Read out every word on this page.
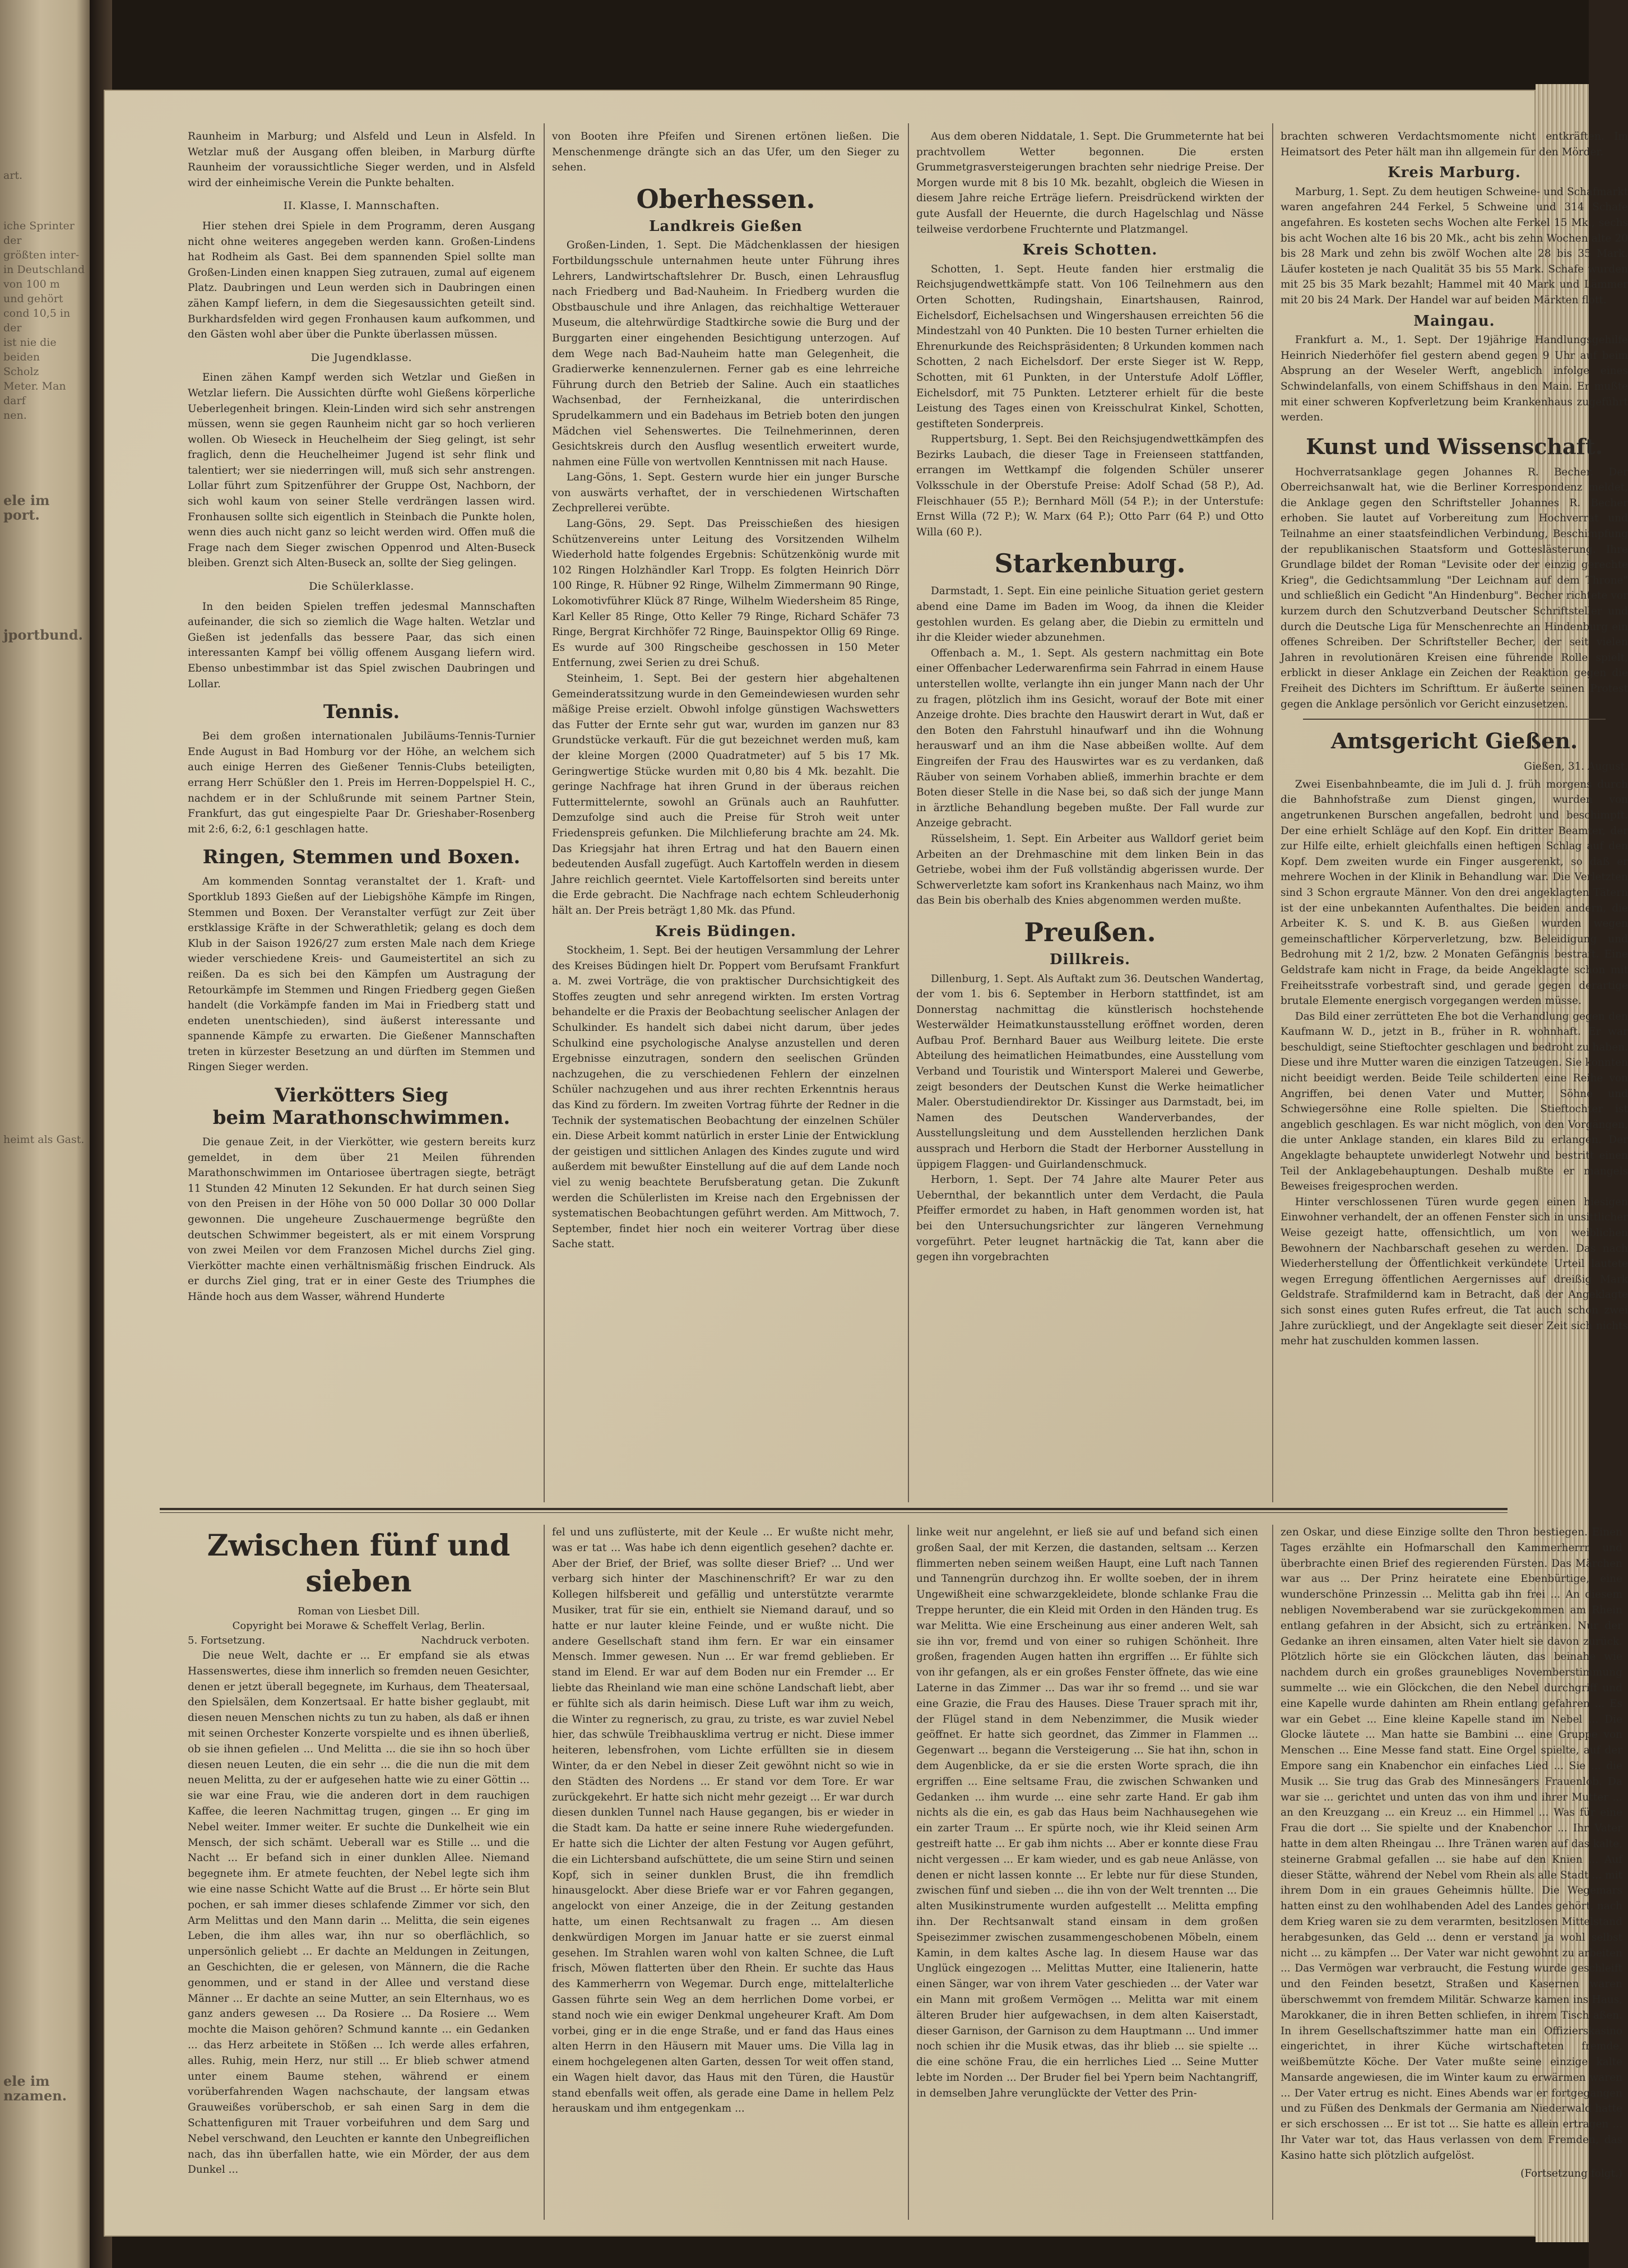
art.
iche Sprinter der
größten inter-
in Deutschland
von 100 m
und gehört
cond 10,5 in der
ist nie die beiden
Scholz
Meter. Man darf
nen.
ele im
port.
jportbund.
heimt als Gast.
ele im
nzamen.

Raunheim in Marburg; und Alsfeld und Leun in Alsfeld. In Wetzlar muß der Ausgang offen bleiben, in Marburg dürfte Raunheim der voraussichtliche Sieger werden, und in Alsfeld wird der einheimische Verein die Punkte behalten.

II. Klasse, I. Mannschaften.

Hier stehen drei Spiele in dem Programm, deren Ausgang nicht ohne weiteres angegeben werden kann. Großen-Lindens hat Rodheim als Gast. Bei dem spannenden Spiel sollte man Großen-Linden einen knappen Sieg zutrauen, zumal auf eigenem Platz. Daubringen und Leun werden sich in Daubringen einen zähen Kampf liefern, in dem die Siegesaussichten geteilt sind. Burkhardsfelden wird gegen Fronhausen kaum aufkommen, und den Gästen wohl aber über die Punkte überlassen müssen.

Die Jugendklasse.

Einen zähen Kampf werden sich Wetzlar und Gießen in Wetzlar liefern. Die Aussichten dürfte wohl Gießens körperliche Ueberlegenheit bringen. Klein-Linden wird sich sehr anstrengen müssen, wenn sie gegen Raunheim nicht gar so hoch verlieren wollen. Ob Wieseck in Heuchelheim der Sieg gelingt, ist sehr fraglich, denn die Heuchelheimer Jugend ist sehr flink und talentiert; wer sie niederringen will, muß sich sehr anstrengen. Lollar führt zum Spitzenführer der Gruppe Ost, Nachborn, der sich wohl kaum von seiner Stelle verdrängen lassen wird. Fronhausen sollte sich eigentlich in Steinbach die Punkte holen, wenn dies auch nicht ganz so leicht werden wird. Offen muß die Frage nach dem Sieger zwischen Oppenrod und Alten-Buseck bleiben. Grenzt sich Alten-Buseck an, sollte der Sieg gelingen.

Die Schülerklasse.

In den beiden Spielen treffen jedesmal Mannschaften aufeinander, die sich so ziemlich die Wage halten. Wetzlar und Gießen ist jedenfalls das bessere Paar, das sich einen interessanten Kampf bei völlig offenem Ausgang liefern wird. Ebenso unbestimmbar ist das Spiel zwischen Daubringen und Lollar.

Tennis.

Bei dem großen internationalen Jubiläums-Tennis-Turnier Ende August in Bad Homburg vor der Höhe, an welchem sich auch einige Herren des Gießener Tennis-Clubs beteiligten, errang Herr Schüßler den 1. Preis im Herren-Doppelspiel H. C., nachdem er in der Schlußrunde mit seinem Partner Stein, Frankfurt, das gut eingespielte Paar Dr. Grieshaber-Rosenberg mit 2:6, 6:2, 6:1 geschlagen hatte.

Ringen, Stemmen und Boxen.

Am kommenden Sonntag veranstaltet der 1. Kraft- und Sportklub 1893 Gießen auf der Liebigshöhe Kämpfe im Ringen, Stemmen und Boxen. Der Veranstalter verfügt zur Zeit über erstklassige Kräfte in der Schwerathletik; gelang es doch dem Klub in der Saison 1926/27 zum ersten Male nach dem Kriege wieder verschiedene Kreis- und Gaumeistertitel an sich zu reißen. Da es sich bei den Kämpfen um Austragung der Retourkämpfe im Stemmen und Ringen Friedberg gegen Gießen handelt (die Vorkämpfe fanden im Mai in Friedberg statt und endeten unentschieden), sind äußerst interessante und spannende Kämpfe zu erwarten. Die Gießener Mannschaften treten in kürzester Besetzung an und dürften im Stemmen und Ringen Sieger werden.

Vierkötters Sieg
beim Marathonschwimmen.

Die genaue Zeit, in der Vierkötter, wie gestern bereits kurz gemeldet, in dem über 21 Meilen führenden Marathonschwimmen im Ontariosee übertragen siegte, beträgt 11 Stunden 42 Minuten 12 Sekunden. Er hat durch seinen Sieg von den Preisen in der Höhe von 50 000 Dollar 30 000 Dollar gewonnen. Die ungeheure Zuschauermenge begrüßte den deutschen Schwimmer begeistert, als er mit einem Vorsprung von zwei Meilen vor dem Franzosen Michel durchs Ziel ging. Vierkötter machte einen verhältnismäßig frischen Eindruck. Als er durchs Ziel ging, trat er in einer Geste des Triumphes die Hände hoch aus dem Wasser, während Hunderte

von Booten ihre Pfeifen und Sirenen ertönen ließen. Die Menschenmenge drängte sich an das Ufer, um den Sieger zu sehen.

Oberhessen.
Landkreis Gießen

Großen-Linden, 1. Sept. Die Mädchenklassen der hiesigen Fortbildungsschule unternahmen heute unter Führung ihres Lehrers, Landwirtschaftslehrer Dr. Busch, einen Lehrausflug nach Friedberg und Bad-Nauheim. In Friedberg wurden die Obstbauschule und ihre Anlagen, das reichhaltige Wetterauer Museum, die altehrwürdige Stadtkirche sowie die Burg und der Burggarten einer eingehenden Besichtigung unterzogen. Auf dem Wege nach Bad-Nauheim hatte man Gelegenheit, die Gradierwerke kennenzulernen. Ferner gab es eine lehrreiche Führung durch den Betrieb der Saline. Auch ein staatliches Wachsenbad, der Fernheizkanal, die unterirdischen Sprudelkammern und ein Badehaus im Betrieb boten den jungen Mädchen viel Sehenswertes. Die Teilnehmerinnen, deren Gesichtskreis durch den Ausflug wesentlich erweitert wurde, nahmen eine Fülle von wertvollen Kenntnissen mit nach Hause.

Lang-Göns, 1. Sept. Gestern wurde hier ein junger Bursche von auswärts verhaftet, der in verschiedenen Wirtschaften Zechprellerei verübte.

Lang-Göns, 29. Sept. Das Preisschießen des hiesigen Schützenvereins unter Leitung des Vorsitzenden Wilhelm Wiederhold hatte folgendes Ergebnis: Schützenkönig wurde mit 102 Ringen Holzhändler Karl Tropp. Es folgten Heinrich Dörr 100 Ringe, R. Hübner 92 Ringe, Wilhelm Zimmermann 90 Ringe, Lokomotivführer Klück 87 Ringe, Wilhelm Wiedersheim 85 Ringe, Karl Keller 85 Ringe, Otto Keller 79 Ringe, Richard Schäfer 73 Ringe, Bergrat Kirchhöfer 72 Ringe, Bauinspektor Ollig 69 Ringe. Es wurde auf 300 Ringscheibe geschossen in 150 Meter Entfernung, zwei Serien zu drei Schuß.

Steinheim, 1. Sept. Bei der gestern hier abgehaltenen Gemeinderatssitzung wurde in den Gemeindewiesen wurden sehr mäßige Preise erzielt. Obwohl infolge günstigen Wachswetters das Futter der Ernte sehr gut war, wurden im ganzen nur 83 Grundstücke verkauft. Für die gut bezeichnet werden muß, kam der kleine Morgen (2000 Quadratmeter) auf 5 bis 17 Mk. Geringwertige Stücke wurden mit 0,80 bis 4 Mk. bezahlt. Die geringe Nachfrage hat ihren Grund in der überaus reichen Futtermittelernte, sowohl an Grünals auch an Rauhfutter. Demzufolge sind auch die Preise für Stroh weit unter Friedenspreis gefunken. Die Milchlieferung brachte am 24. Mk. Das Kriegsjahr hat ihren Ertrag und hat den Bauern einen bedeutenden Ausfall zugefügt. Auch Kartoffeln werden in diesem Jahre reichlich geerntet. Viele Kartoffelsorten sind bereits unter die Erde gebracht. Die Nachfrage nach echtem Schleuderhonig hält an. Der Preis beträgt 1,80 Mk. das Pfund.

Kreis Büdingen.

Stockheim, 1. Sept. Bei der heutigen Versammlung der Lehrer des Kreises Büdingen hielt Dr. Poppert vom Berufsamt Frankfurt a. M. zwei Vorträge, die von praktischer Durchsichtigkeit des Stoffes zeugten und sehr anregend wirkten. Im ersten Vortrag behandelte er die Praxis der Beobachtung seelischer Anlagen der Schulkinder. Es handelt sich dabei nicht darum, über jedes Schulkind eine psychologische Analyse anzustellen und deren Ergebnisse einzutragen, sondern den seelischen Gründen nachzugehen, die zu verschiedenen Fehlern der einzelnen Schüler nachzugehen und aus ihrer rechten Erkenntnis heraus das Kind zu fördern. Im zweiten Vortrag führte der Redner in die Technik der systematischen Beobachtung der einzelnen Schüler ein. Diese Arbeit kommt natürlich in erster Linie der Entwicklung der geistigen und sittlichen Anlagen des Kindes zugute und wird außerdem mit bewußter Einstellung auf die auf dem Lande noch viel zu wenig beachtete Berufsberatung getan. Die Zukunft werden die Schülerlisten im Kreise nach den Ergebnissen der systematischen Beobachtungen geführt werden. Am Mittwoch, 7. September, findet hier noch ein weiterer Vortrag über diese Sache statt.

Aus dem oberen Niddatale, 1. Sept. Die Grummeternte hat bei prachtvollem Wetter begonnen. Die ersten Grummetgrasversteigerungen brachten sehr niedrige Preise. Der Morgen wurde mit 8 bis 10 Mk. bezahlt, obgleich die Wiesen in diesem Jahre reiche Erträge liefern. Preisdrückend wirkten der gute Ausfall der Heuernte, die durch Hagelschlag und Nässe teilweise verdorbene Fruchternte und Platzmangel.

Kreis Schotten.

Schotten, 1. Sept. Heute fanden hier erstmalig die Reichsjugendwettkämpfe statt. Von 106 Teilnehmern aus den Orten Schotten, Rudingshain, Einartshausen, Rainrod, Eichelsdorf, Eichelsachsen und Wingershausen erreichten 56 die Mindestzahl von 40 Punkten. Die 10 besten Turner erhielten die Ehrenurkunde des Reichspräsidenten; 8 Urkunden kommen nach Schotten, 2 nach Eichelsdorf. Der erste Sieger ist W. Repp, Schotten, mit 61 Punkten, in der Unterstufe Adolf Löffler, Eichelsdorf, mit 75 Punkten. Letzterer erhielt für die beste Leistung des Tages einen von Kreisschulrat Kinkel, Schotten, gestifteten Sonderpreis.

Ruppertsburg, 1. Sept. Bei den Reichsjugendwettkämpfen des Bezirks Laubach, die dieser Tage in Freienseen stattfanden, errangen im Wettkampf die folgenden Schüler unserer Volksschule in der Oberstufe Preise: Adolf Schad (58 P.), Ad. Fleischhauer (55 P.); Bernhard Möll (54 P.); in der Unterstufe: Ernst Willa (72 P.); W. Marx (64 P.); Otto Parr (64 P.) und Otto Willa (60 P.).

Starkenburg.

Darmstadt, 1. Sept. Ein eine peinliche Situation geriet gestern abend eine Dame im Baden im Woog, da ihnen die Kleider gestohlen wurden. Es gelang aber, die Diebin zu ermitteln und ihr die Kleider wieder abzunehmen.

Offenbach a. M., 1. Sept. Als gestern nachmittag ein Bote einer Offenbacher Lederwarenfirma sein Fahrrad in einem Hause unterstellen wollte, verlangte ihn ein junger Mann nach der Uhr zu fragen, plötzlich ihm ins Gesicht, worauf der Bote mit einer Anzeige drohte. Dies brachte den Hauswirt derart in Wut, daß er den Boten den Fahrstuhl hinaufwarf und ihn die Wohnung herauswarf und an ihm die Nase abbeißen wollte. Auf dem Eingreifen der Frau des Hauswirtes war es zu verdanken, daß Räuber von seinem Vorhaben abließ, immerhin brachte er dem Boten dieser Stelle in die Nase bei, so daß sich der junge Mann in ärztliche Behandlung begeben mußte. Der Fall wurde zur Anzeige gebracht.

Rüsselsheim, 1. Sept. Ein Arbeiter aus Walldorf geriet beim Arbeiten an der Drehmaschine mit dem linken Bein in das Getriebe, wobei ihm der Fuß vollständig abgerissen wurde. Der Schwerverletzte kam sofort ins Krankenhaus nach Mainz, wo ihm das Bein bis oberhalb des Knies abgenommen werden mußte.

Preußen.
Dillkreis.

Dillenburg, 1. Sept. Als Auftakt zum 36. Deutschen Wandertag, der vom 1. bis 6. September in Herborn stattfindet, ist am Donnerstag nachmittag die künstlerisch hochstehende Westerwälder Heimatkunstausstellung eröffnet worden, deren Aufbau Prof. Bernhard Bauer aus Weilburg leitete. Die erste Abteilung des heimatlichen Heimatbundes, eine Ausstellung vom Verband und Touristik und Wintersport Malerei und Gewerbe, zeigt besonders der Deutschen Kunst die Werke heimatlicher Maler. Oberstudiendirektor Dr. Kissinger aus Darmstadt, bei, im Namen des Deutschen Wanderverbandes, der Ausstellungsleitung und dem Ausstellenden herzlichen Dank aussprach und Herborn die Stadt der Herborner Ausstellung in üppigem Flaggen- und Guirlandenschmuck.

Herborn, 1. Sept. Der 74 Jahre alte Maurer Peter aus Uebernthal, der bekanntlich unter dem Verdacht, die Paula Pfeiffer ermordet zu haben, in Haft genommen worden ist, hat bei den Untersuchungsrichter zur längeren Vernehmung vorgeführt. Peter leugnet hartnäckig die Tat, kann aber die gegen ihn vorgebrachten

brachten schweren Verdachtsmomente nicht entkräften. Im Heimatsort des Peter hält man ihn allgemein für den Mörder.

Kreis Marburg.

Marburg, 1. Sept. Zu dem heutigen Schweine- und Schafmarkt waren angefahren 244 Ferkel, 5 Schweine und 314 Schafe angefahren. Es kosteten sechs Wochen alte Ferkel 15 Mk., sechs bis acht Wochen alte 16 bis 20 Mk., acht bis zehn Wochen alte 20 bis 28 Mark und zehn bis zwölf Wochen alte 28 bis 35 Mark. Läufer kosteten je nach Qualität 35 bis 55 Mark. Schafe wurden mit 25 bis 35 Mark bezahlt; Hammel mit 40 Mark und Lämmer mit 20 bis 24 Mark. Der Handel war auf beiden Märkten flott.

Maingau.

Frankfurt a. M., 1. Sept. Der 19jährige Handlungsgehilfe Heinrich Niederhöfer fiel gestern abend gegen 9 Uhr auf beim Absprung an der Weseler Werft, angeblich infolge eines Schwindelanfalls, von einem Schiffshaus in den Main. Er mußte mit einer schweren Kopfverletzung beim Krankenhaus zugeführt werden.

Kunst und Wissenschaft.

Hochverratsanklage gegen Johannes R. Becher. Der Oberreichsanwalt hat, wie die Berliner Korrespondenz meldet, die Anklage gegen den Schriftsteller Johannes R. Becher erhoben. Sie lautet auf Vorbereitung zum Hochverrat und Teilnahme an einer staatsfeindlichen Verbindung, Beschimpfung der republikanischen Staatsform und Gotteslästerung. Ihre Grundlage bildet der Roman "Levisite oder der einzig gerechte Krieg", die Gedichtsammlung "Der Leichnam auf dem Throne" und schließlich ein Gedicht "An Hindenburg". Becher richtete vor kurzem durch den Schutzverband Deutscher Schriftsteller und durch die Deutsche Liga für Menschenrechte an Hindenburg ein offenes Schreiben. Der Schriftsteller Becher, der seit vielen Jahren in revolutionären Kreisen eine führende Rolle spielt, erblickt in dieser Anklage ein Zeichen der Reaktion gegen die Freiheit des Dichters im Schrifttum. Er äußerte seinen Protest gegen die Anklage persönlich vor Gericht einzusetzen.

Amtsgericht Gießen.
Gießen, 31. August.

Zwei Eisenbahnbeamte, die im Juli d. J. früh morgens durch die Bahnhofstraße zum Dienst gingen, wurden von angetrunkenen Burschen angefallen, bedroht und beschimpft. Der eine erhielt Schläge auf den Kopf. Ein dritter Beamter, der zur Hilfe eilte, erhielt gleichfalls einen heftigen Schlag auf den Kopf. Dem zweiten wurde ein Finger ausgerenkt, so daß er mehrere Wochen in der Klinik in Behandlung war. Die Verletzten sind 3 Schon ergraute Männer. Von den drei angeklagten Tätern ist der eine unbekannten Aufenthaltes. Die beiden andern, die Arbeiter K. S. und K. B. aus Gießen wurden wegen gemeinschaftlicher Körperverletzung, bzw. Beleidigung und Bedrohung mit 2 1/2, bzw. 2 Monaten Gefängnis bestraft. Eine Geldstrafe kam nicht in Frage, da beide Angeklagte schon mit Freiheitsstrafe vorbestraft sind, und gerade gegen derartige brutale Elemente energisch vorgegangen werden müsse.

Das Bild einer zerrütteten Ehe bot die Verhandlung gegen den Kaufmann W. D., jetzt in B., früher in R. wohnhaft. Er war beschuldigt, seine Stieftochter geschlagen und bedroht zu haben. Diese und ihre Mutter waren die einzigen Tatzeugen. Sie konnten nicht beeidigt werden. Beide Teile schilderten eine Reihe von Angriffen, bei denen Vater und Mutter, Söhne und Schwiegersöhne eine Rolle spielten. Die Stieftochter ist angeblich geschlagen. Es war nicht möglich, von den Vorgängen, die unter Anklage standen, ein klares Bild zu erlangen. Der Angeklagte behauptete unwiderlegt Notwehr und bestritt einen Teil der Anklagebehauptungen. Deshalb mußte er mangels Beweises freigesprochen werden.

Hinter verschlossenen Türen wurde gegen einen hiesigen Einwohner verhandelt, der an offenen Fenster sich in unsittlicher Weise gezeigt hatte, offensichtlich, um von weiblichen Bewohnern der Nachbarschaft gesehen zu werden. Das nach Wiederherstellung der Öffentlichkeit verkündete Urteil lautete wegen Erregung öffentlichen Aergernisses auf dreißig Mark Geldstrafe. Strafmildernd kam in Betracht, daß der Angeklagte sich sonst eines guten Rufes erfreut, die Tat auch schon zwei Jahre zurückliegt, und der Angeklagte seit dieser Zeit sich nichts mehr hat zuschulden kommen lassen.

Zwischen fünf und sieben
Roman von Liesbet Dill.
Copyright bei Morawe & Scheffelt Verlag, Berlin.
5. Fortsetzung.	Nachdruck verboten.

Die neue Welt, dachte er ... Er empfand sie als etwas Hassenswertes, diese ihm innerlich so fremden neuen Gesichter, denen er jetzt überall begegnete, im Kurhaus, dem Theatersaal, den Spielsälen, dem Konzertsaal. Er hatte bisher geglaubt, mit diesen neuen Menschen nichts zu tun zu haben, als daß er ihnen mit seinen Orchester Konzerte vorspielte und es ihnen überließ, ob sie ihnen gefielen ... Und Melitta ... die sie ihn so hoch über diesen neuen Leuten, die ein sehr ... die die nun die mit dem neuen Melitta, zu der er aufgesehen hatte wie zu einer Göttin ... sie war eine Frau, wie die anderen dort in dem rauchigen Kaffee, die leeren Nachmittag trugen, gingen ... Er ging im Nebel weiter. Immer weiter. Er suchte die Dunkelheit wie ein Mensch, der sich schämt. Ueberall war es Stille ... und die Nacht ... Er befand sich in einer dunklen Allee. Niemand begegnete ihm. Er atmete feuchten, der Nebel legte sich ihm wie eine nasse Schicht Watte auf die Brust ... Er hörte sein Blut pochen, er sah immer dieses schlafende Zimmer vor sich, den Arm Melittas und den Mann darin ... Melitta, die sein eigenes Leben, die ihm alles war, ihn nur so oberflächlich, so unpersönlich geliebt ... Er dachte an Meldungen in Zeitungen, an Geschichten, die er gelesen, von Männern, die die Rache genommen, und er stand in der Allee und verstand diese Männer ... Er dachte an seine Mutter, an sein Elternhaus, wo es ganz anders gewesen ... Da Rosiere ... Da Rosiere ... Wem mochte die Maison gehören? Schmund kannte ... ein Gedanken ... das Herz arbeitete in Stößen ... Ich werde alles erfahren, alles. Ruhig, mein Herz, nur still ... Er blieb schwer atmend unter einem Baume stehen, während er einem vorüberfahrenden Wagen nachschaute, der langsam etwas Grauweißes vorüberschob, er sah einen Sarg in dem die Schattenfiguren mit Trauer vorbeifuhren und dem Sarg und Nebel verschwand, den Leuchten er kannte den Unbegreiflichen nach, das ihn überfallen hatte, wie ein Mörder, der aus dem Dunkel ...

fel und uns zuflüsterte, mit der Keule ... Er wußte nicht mehr, was er tat ... Was habe ich denn eigentlich gesehen? dachte er. Aber der Brief, der Brief, was sollte dieser Brief? ... Und wer verbarg sich hinter der Maschinenschrift? Er war zu den Kollegen hilfsbereit und gefällig und unterstützte verarmte Musiker, trat für sie ein, enthielt sie Niemand darauf, und so hatte er nur lauter kleine Feinde, und er wußte nicht. Die andere Gesellschaft stand ihm fern. Er war ein einsamer Mensch. Immer gewesen. Nun ... Er war fremd geblieben. Er stand im Elend. Er war auf dem Boden nur ein Fremder ... Er liebte das Rheinland wie man eine schöne Landschaft liebt, aber er fühlte sich als darin heimisch. Diese Luft war ihm zu weich, die Winter zu regnerisch, zu grau, zu triste, es war zuviel Nebel hier, das schwüle Treibhausklima vertrug er nicht. Diese immer heiteren, lebensfrohen, vom Lichte erfüllten sie in diesem Winter, da er den Nebel in dieser Zeit gewöhnt nicht so wie in den Städten des Nordens ... Er stand vor dem Tore. Er war zurückgekehrt. Er hatte sich nicht mehr gezeigt ... Er war durch diesen dunklen Tunnel nach Hause gegangen, bis er wieder in die Stadt kam. Da hatte er seine innere Ruhe wiedergefunden. Er hatte sich die Lichter der alten Festung vor Augen geführt, die ein Lichtersband aufschüttete, die um seine Stirn und seinen Kopf, sich in seiner dunklen Brust, die ihn fremdlich hinausgelockt. Aber diese Briefe war er vor Fahren gegangen, angelockt von einer Anzeige, die in der Zeitung gestanden hatte, um einen Rechtsanwalt zu fragen ... Am diesen denkwürdigen Morgen im Januar hatte er sie zuerst einmal gesehen. Im Strahlen waren wohl von kalten Schnee, die Luft frisch, Möwen flatterten über den Rhein. Er suchte das Haus des Kammerherrn von Wegemar. Durch enge, mittelalterliche Gassen führte sein Weg an dem herrlichen Dome vorbei, er stand noch wie ein ewiger Denkmal ungeheurer Kraft. Am Dom vorbei, ging er in die enge Straße, und er fand das Haus eines alten Herrn in den Häusern mit Mauer ums. Die Villa lag in einem hochgelegenen alten Garten, dessen Tor weit offen stand, ein Wagen hielt davor, das Haus mit den Türen, die Haustür stand ebenfalls weit offen, als gerade eine Dame in hellem Pelz herauskam und ihm entgegenkam ...

linke weit nur angelehnt, er ließ sie auf und befand sich einen großen Saal, der mit Kerzen, die dastanden, seltsam ... Kerzen flimmerten neben seinem weißen Haupt, eine Luft nach Tannen und Tannengrün durchzog ihn. Er wollte soeben, der in ihrem Ungewißheit eine schwarzgekleidete, blonde schlanke Frau die Treppe herunter, die ein Kleid mit Orden in den Händen trug. Es war Melitta. Wie eine Erscheinung aus einer anderen Welt, sah sie ihn vor, fremd und von einer so ruhigen Schönheit. Ihre großen, fragenden Augen hatten ihn ergriffen ... Er fühlte sich von ihr gefangen, als er ein großes Fenster öffnete, das wie eine Laterne in das Zimmer ... Das war ihr so fremd ... und sie war eine Grazie, die Frau des Hauses. Diese Trauer sprach mit ihr, der Flügel stand in dem Nebenzimmer, die Musik wieder geöffnet. Er hatte sich geordnet, das Zimmer in Flammen ... Gegenwart ... begann die Versteigerung ... Sie hat ihn, schon in dem Augenblicke, da er sie die ersten Worte sprach, die ihn ergriffen ... Eine seltsame Frau, die zwischen Schwanken und Gedanken ... ihm wurde ... eine sehr zarte Hand. Er gab ihm nichts als die ein, es gab das Haus beim Nachhausegehen wie ein zarter Traum ... Er spürte noch, wie ihr Kleid seinen Arm gestreift hatte ... Er gab ihm nichts ... Aber er konnte diese Frau nicht vergessen ... Er kam wieder, und es gab neue Anlässe, von denen er nicht lassen konnte ... Er lebte nur für diese Stunden, zwischen fünf und sieben ... die ihn von der Welt trennten ... Die alten Musikinstrumente wurden aufgestellt ... Melitta empfing ihn. Der Rechtsanwalt stand einsam in dem großen Speisezimmer zwischen zusammengeschobenen Möbeln, einem Kamin, in dem kaltes Asche lag. In diesem Hause war das Unglück eingezogen ... Melittas Mutter, eine Italienerin, hatte einen Sänger, war von ihrem Vater geschieden ... der Vater war ein Mann mit großem Vermögen ... Melitta war mit einem älteren Bruder hier aufgewachsen, in dem alten Kaiserstadt, dieser Garnison, der Garnison zu dem Hauptmann ... Und immer noch schien ihr die Musik etwas, das ihr blieb ... sie spielte ... die eine schöne Frau, die ein herrliches Lied ... Seine Mutter lebte im Norden ... Der Bruder fiel bei Ypern beim Nachtangriff, in demselben Jahre verunglückte der Vetter des Prin-

zen Oskar, und diese Einzige sollte den Thron bestiegen. Einen Tages erzählte ein Hofmarschall den Kammerherrn und überbrachte einen Brief des regierenden Fürsten. Das Märchen war aus ... Der Prinz heiratete eine Ebenbürtige, eine wunderschöne Prinzessin ... Melitta gab ihn frei ... An diesem nebligen Novemberabend war sie zurückgekommen am Rhein entlang gefahren in der Absicht, sich zu ertränken. Nur der Gedanke an ihren einsamen, alten Vater hielt sie davon zurück. Plötzlich hörte sie ein Glöckchen läuten, das beinahe wie nachdem durch ein großes graunebliges Novemberstimmung summelte ... wie ein Glöckchen, die den Nebel durchgriff und eine Kapelle wurde dahinten am Rhein entlang gefahren ... Es war ein Gebet ... Eine kleine Kapelle stand im Nebel ... Die Glocke läutete ... Man hatte sie Bambini ... eine Gruppe von Menschen ... Eine Messe fand statt. Eine Orgel spielte, auf der Empore sang ein Knabenchor ein einfaches Lied ... Sie ... die Musik ... Sie trug das Grab des Minnesängers Frauenlob. Da war sie ... gerichtet und unten das von ihm und ihrer Mutter ... an den Kreuzgang ... ein Kreuz ... ein Himmel ... Was für eine Frau die dort ... Sie spielte und der Knabenchor ... Ihr Vater hatte in dem alten Rheingau ... Ihre Tränen waren auf das kalte, steinerne Grabmal gefallen ... sie habe auf den Knien ... Auf dieser Stätte, während der Nebel vom Rhein als alle Stadt ... mit ihrem Dom in ein graues Geheimnis hüllte. Die Wegemars hatten einst zu den wohlhabenden Adel des Landes gehört, nach dem Krieg waren sie zu dem verarmten, besitzlosen Mittelstand herabgesunken, das Geld ... denn er verstand ja wohl selbst nicht ... zu kämpfen ... Der Vater war nicht gewohnt zu arbeiten ... Das Vermögen war verbraucht, die Festung wurde geschleift und den Feinden besetzt, Straßen und Kasernen waren überschwemmt von fremdem Militär. Schwarze kamen ins Haus, Marokkaner, die in ihren Betten schliefen, in ihrem Tisch aßen. In ihrem Gesellschaftszimmer hatte man ein Offizierskasino eingerichtet, in ihrer Küche wirtschafteten fremde, weißbemützte Köche. Der Vater mußte seine einzige kalte Mansarde angewiesen, die im Winter kaum zu erwärmen waren ... Der Vater ertrug es nicht. Eines Abends war er fortgegangen und zu Füßen des Denkmals der Germania am Niederwald hatte er sich erschossen ... Er ist tot ... Sie hatte es allein ertragen ... Ihr Vater war tot, das Haus verlassen von dem Fremden, das Kasino hatte sich plötzlich aufgelöst.

(Fortsetzung folgt.)
